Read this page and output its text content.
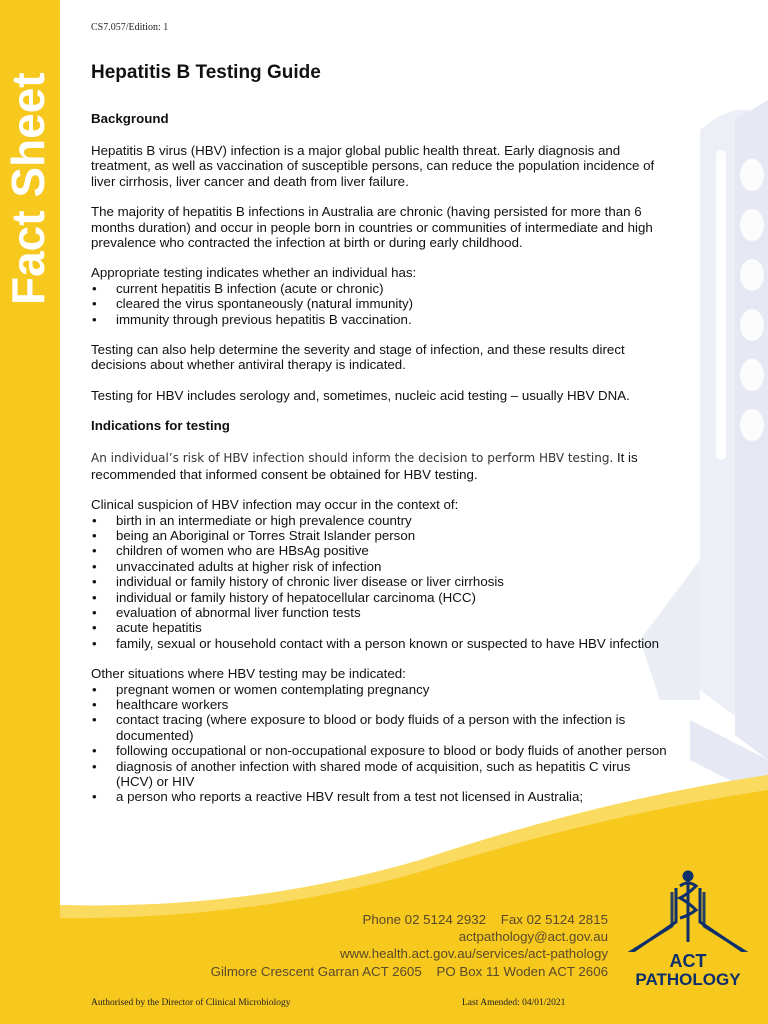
Fact Sheet
CS7.057/Edition: 1
Hepatitis B Testing Guide
Background

Hepatitis B virus (HBV) infection is a major global public health threat. Early diagnosis and treatment, as well as vaccination of susceptible persons, can reduce the population incidence of liver cirrhosis, liver cancer and death from liver failure.

The majority of hepatitis B infections in Australia are chronic (having persisted for more than 6 months duration) and occur in people born in countries or communities of intermediate and high prevalence who contracted the infection at birth or during early childhood.

Appropriate testing indicates whether an individual has:

• current hepatitis B infection (acute or chronic)
• cleared the virus spontaneously (natural immunity)
• immunity through previous hepatitis B vaccination.

Testing can also help determine the severity and stage of infection, and these results direct decisions about whether antiviral therapy is indicated.

Testing for HBV includes serology and, sometimes, nucleic acid testing – usually HBV DNA.

Indications for testing

An individual’s risk of HBV infection should inform the decision to perform HBV testing. It is recommended that informed consent be obtained for HBV testing.

Clinical suspicion of HBV infection may occur in the context of:

• birth in an intermediate or high prevalence country
• being an Aboriginal or Torres Strait Islander person
• children of women who are HBsAg positive
• unvaccinated adults at higher risk of infection
• individual or family history of chronic liver disease or liver cirrhosis
• individual or family history of hepatocellular carcinoma (HCC)
• evaluation of abnormal liver function tests
• acute hepatitis
• family, sexual or household contact with a person known or suspected to have HBV infection

Other situations where HBV testing may be indicated:

• pregnant women or women contemplating pregnancy
• healthcare workers
• contact tracing (where exposure to blood or body fluids of a person with the infection is documented)
• following occupational or non-occupational exposure to blood or body fluids of another person
• diagnosis of another infection with shared mode of acquisition, such as hepatitis C virus (HCV) or HIV
• a person who reports a reactive HBV result from a test not licensed in Australia;
Phone 02 5124 2932    Fax 02 5124 2815
actpathology@act.gov.au
www.health.act.gov.au/services/act-pathology
Gilmore Crescent Garran ACT 2605    PO Box 11 Woden ACT 2606
ACT
PATHOLOGY
Authorised by the Director of Clinical Microbiology	Last Amended: 04/01/2021
